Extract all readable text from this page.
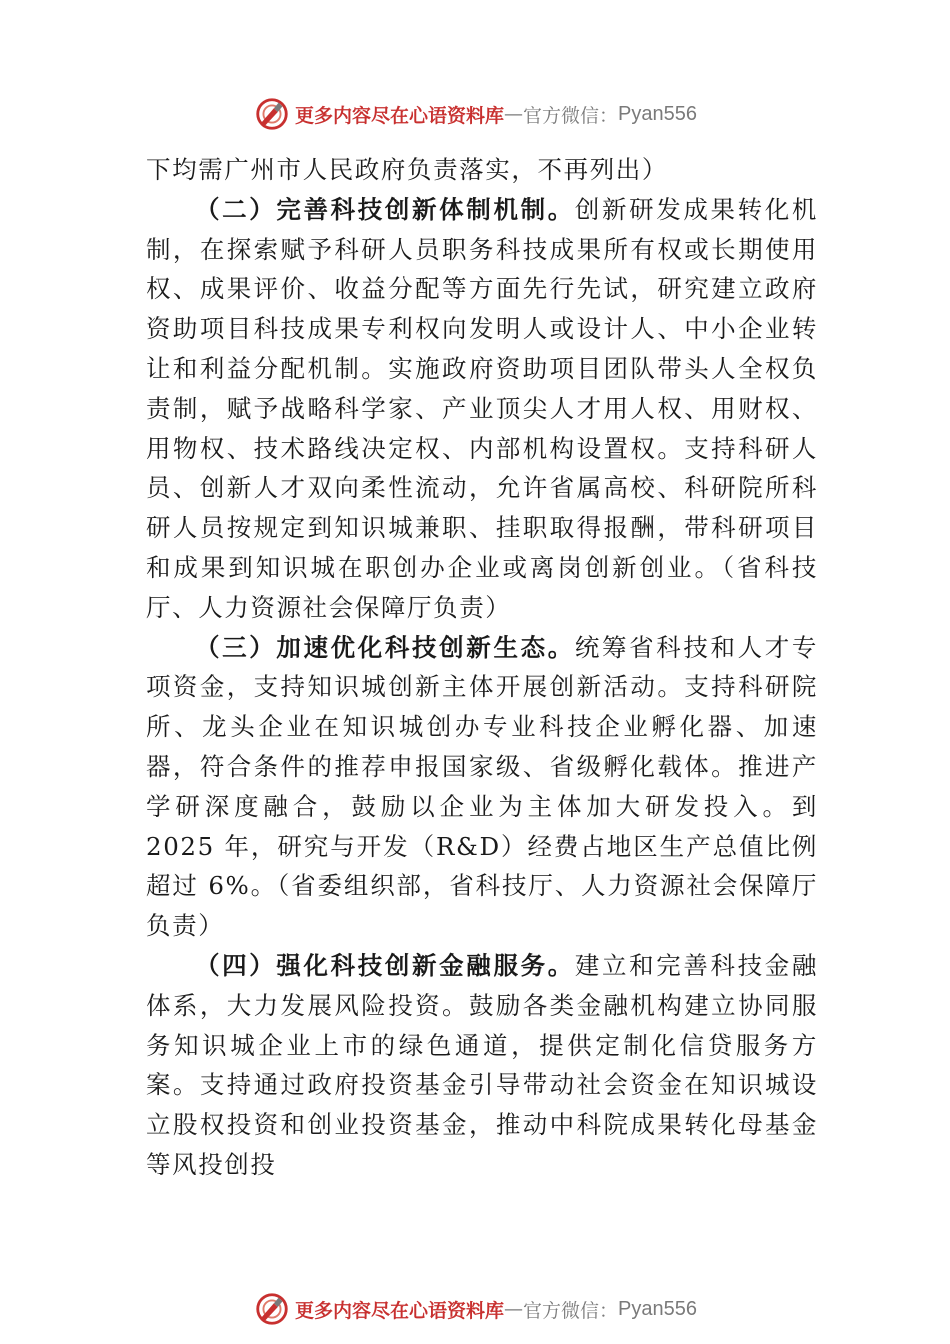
更多内容尽在心语资料库 — 官方微信： Pyan556

下均需广州市人民政府负责落实，不再列出）

（二）完善科技创新体制机制。创新研发成果转化机制，在探索赋予科研人员职务科技成果所有权或长期使用权、成果评价、收益分配等方面先行先试，研究建立政府资助项目科技成果专利权向发明人或设计人、中小企业转让和利益分配机制。实施政府资助项目团队带头人全权负责制，赋予战略科学家、产业顶尖人才用人权、用财权、用物权、技术路线决定权、内部机构设置权。支持科研人员、创新人才双向柔性流动，允许省属高校、科研院所科研人员按规定到知识城兼职、挂职取得报酬，带科研项目和成果到知识城在职创办企业或离岗创新创业。（省科技厅、人力资源社会保障厅负责）

（三）加速优化科技创新生态。统筹省科技和人才专项资金，支持知识城创新主体开展创新活动。支持科研院所、龙头企业在知识城创办专业科技企业孵化器、加速器，符合条件的推荐申报国家级、省级孵化载体。推进产学研深度融合，鼓励以企业为主体加大研发投入。到 2025 年，研究与开发（R&D）经费占地区生产总值比例超过 6%。（省委组织部，省科技厅、人力资源社会保障厅负责）

（四）强化科技创新金融服务。建立和完善科技金融体系，大力发展风险投资。鼓励各类金融机构建立协同服务知识城企业上市的绿色通道，提供定制化信贷服务方案。支持通过政府投资基金引导带动社会资金在知识城设立股权投资和创业投资基金，推动中科院成果转化母基金等风投创投

更多内容尽在心语资料库 — 官方微信： Pyan556
